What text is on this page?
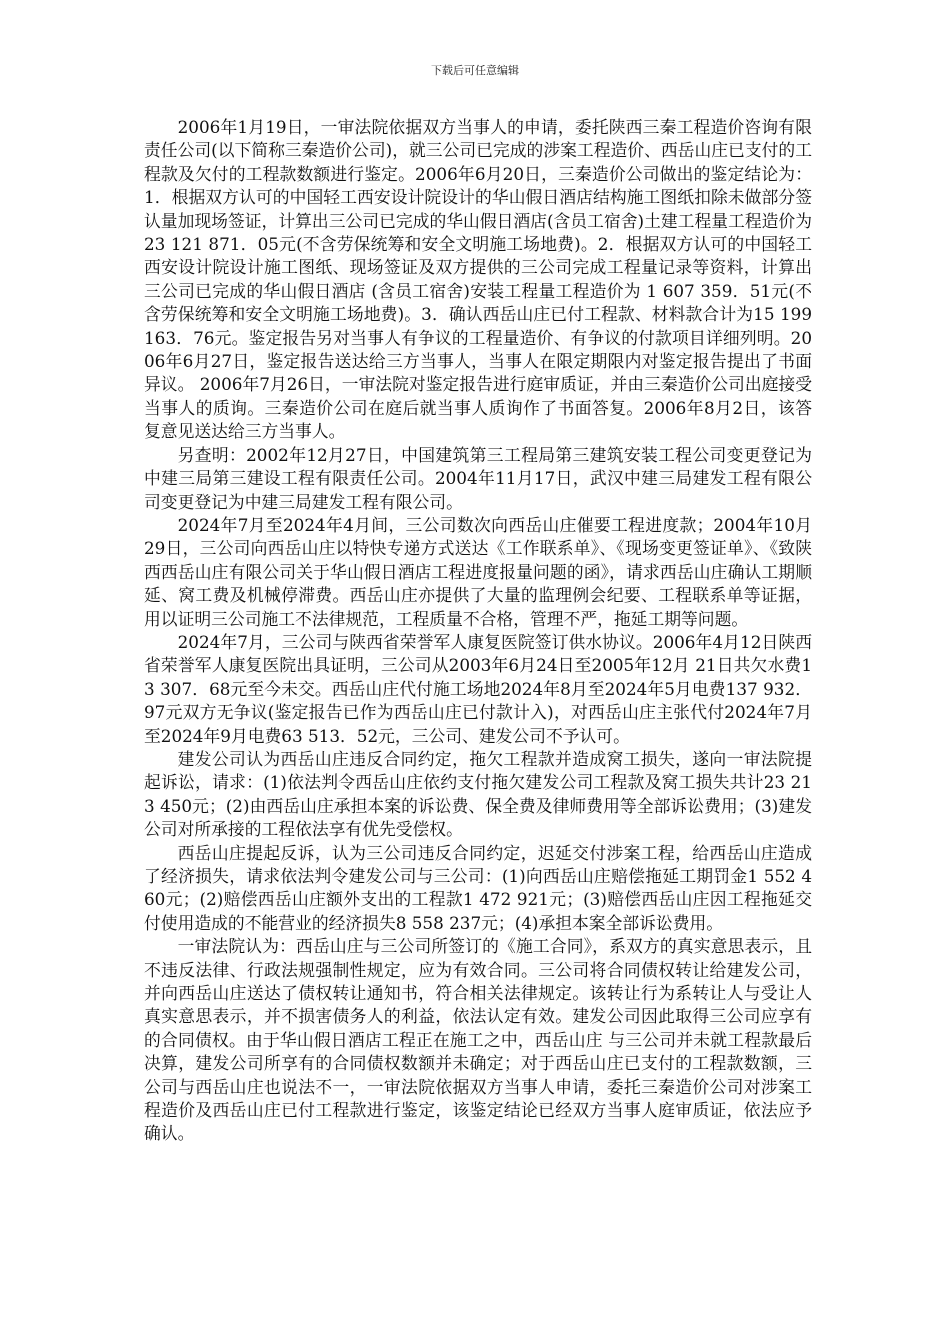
下载后可任意编辑

2006年1月19日，一审法院依据双方当事人的申请，委托陕西三秦工程造价咨询有限责任公司(以下简称三秦造价公司)，就三公司已完成的涉案工程造价、西岳山庄已支付的工程款及欠付的工程款数额进行鉴定。2006年6月20日，三秦造价公司做出的鉴定结论为：1．根据双方认可的中国轻工西安设计院设计的华山假日酒店结构施工图纸扣除未做部分签认量加现场签证，计算出三公司已完成的华山假日酒店(含员工宿舍)土建工程量工程造价为 23 121 871．05元(不含劳保统筹和安全文明施工场地费)。2．根据双方认可的中国轻工西安设计院设计施工图纸、现场签证及双方提供的三公司完成工程量记录等资料，计算出三公司已完成的华山假日酒店 (含员工宿舍)安装工程量工程造价为 1 607 359．51元(不含劳保统筹和安全文明施工场地费)。3．确认西岳山庄已付工程款、材料款合计为15 199 163．76元。鉴定报告另对当事人有争议的工程量造价、有争议的付款项目详细列明。2006年6月27日，鉴定报告送达给三方当事人，当事人在限定期限内对鉴定报告提出了书面异议。 2006年7月26日，一审法院对鉴定报告进行庭审质证，并由三秦造价公司出庭接受当事人的质询。三秦造价公司在庭后就当事人质询作了书面答复。2006年8月2日，该答复意见送达给三方当事人。

另查明：2002年12月27日，中国建筑第三工程局第三建筑安装工程公司变更登记为中建三局第三建设工程有限责任公司。2004年11月17日，武汉中建三局建发工程有限公司变更登记为中建三局建发工程有限公司。

2024年7月至2024年4月间，三公司数次向西岳山庄催要工程进度款；2004年10月29日，三公司向西岳山庄以特快专递方式送达《工作联系单》、《现场变更签证单》、《致陕西西岳山庄有限公司关于华山假日酒店工程进度报量问题的函》，请求西岳山庄确认工期顺延、窝工费及机械停滞费。西岳山庄亦提供了大量的监理例会纪要、工程联系单等证据，用以证明三公司施工不法律规范，工程质量不合格，管理不严，拖延工期等问题。

2024年7月，三公司与陕西省荣誉军人康复医院签订供水协议。2006年4月12日陕西省荣誉军人康复医院出具证明，三公司从2003年6月24日至2005年12月 21日共欠水费13 307．68元至今未交。西岳山庄代付施工场地2024年8月至2024年5月电费137 932．97元双方无争议(鉴定报告已作为西岳山庄已付款计入)，对西岳山庄主张代付2024年7月至2024年9月电费63 513．52元，三公司、建发公司不予认可。

建发公司认为西岳山庄违反合同约定，拖欠工程款并造成窝工损失，遂向一审法院提起诉讼，请求：(1)依法判令西岳山庄依约支付拖欠建发公司工程款及窝工损失共计23 213 450元；(2)由西岳山庄承担本案的诉讼费、保全费及律师费用等全部诉讼费用；(3)建发公司对所承接的工程依法享有优先受偿权。

西岳山庄提起反诉，认为三公司违反合同约定，迟延交付涉案工程，给西岳山庄造成了经济损失，请求依法判令建发公司与三公司：(1)向西岳山庄赔偿拖延工期罚金1 552 460元；(2)赔偿西岳山庄额外支出的工程款1 472 921元；(3)赔偿西岳山庄因工程拖延交付使用造成的不能营业的经济损失8 558 237元；(4)承担本案全部诉讼费用。

一审法院认为：西岳山庄与三公司所签订的《施工合同》，系双方的真实意思表示，且不违反法律、行政法规强制性规定，应为有效合同。三公司将合同债权转让给建发公司，并向西岳山庄送达了债权转让通知书，符合相关法律规定。该转让行为系转让人与受让人真实意思表示，并不损害债务人的利益，依法认定有效。建发公司因此取得三公司应享有的合同债权。由于华山假日酒店工程正在施工之中，西岳山庄 与三公司并未就工程款最后决算，建发公司所享有的合同债权数额并未确定；对于西岳山庄已支付的工程款数额，三公司与西岳山庄也说法不一，一审法院依据双方当事人申请，委托三秦造价公司对涉案工程造价及西岳山庄已付工程款进行鉴定，该鉴定结论已经双方当事人庭审质证，依法应予确认。
